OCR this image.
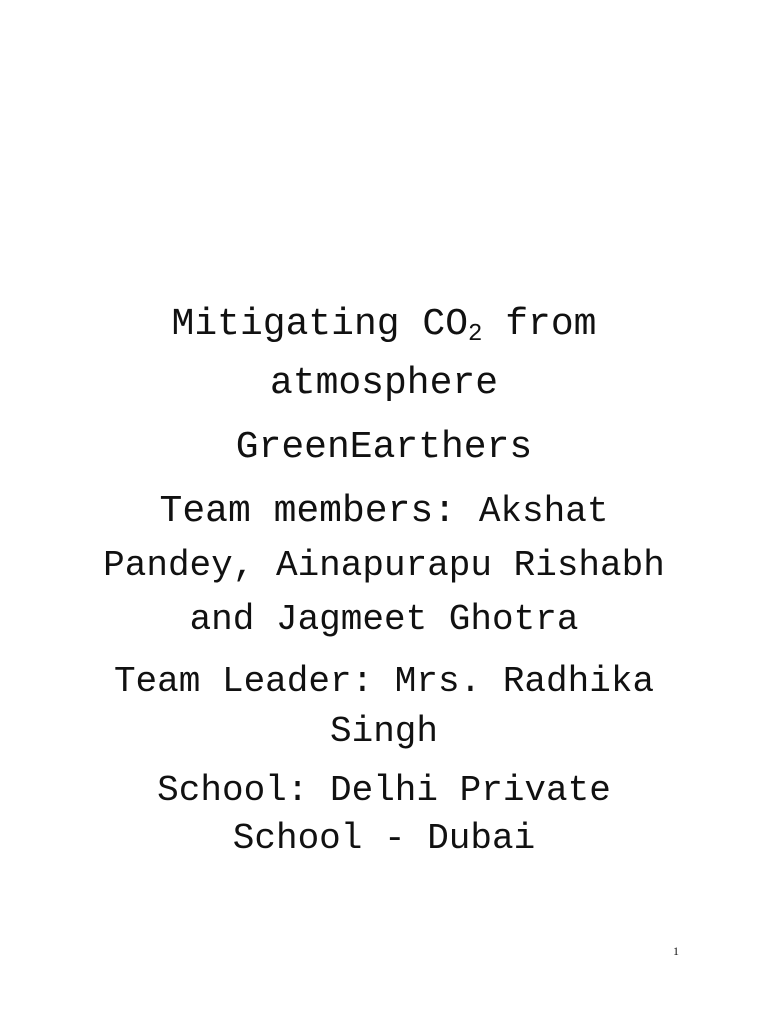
Mitigating $CO_2$ from atmosphere
GreenEarthers
Team members: Akshat Pandey, Ainapurapu Rishabh and Jagmeet Ghotra
Team Leader: Mrs. Radhika Singh
School: Delhi Private School - Dubai
1
